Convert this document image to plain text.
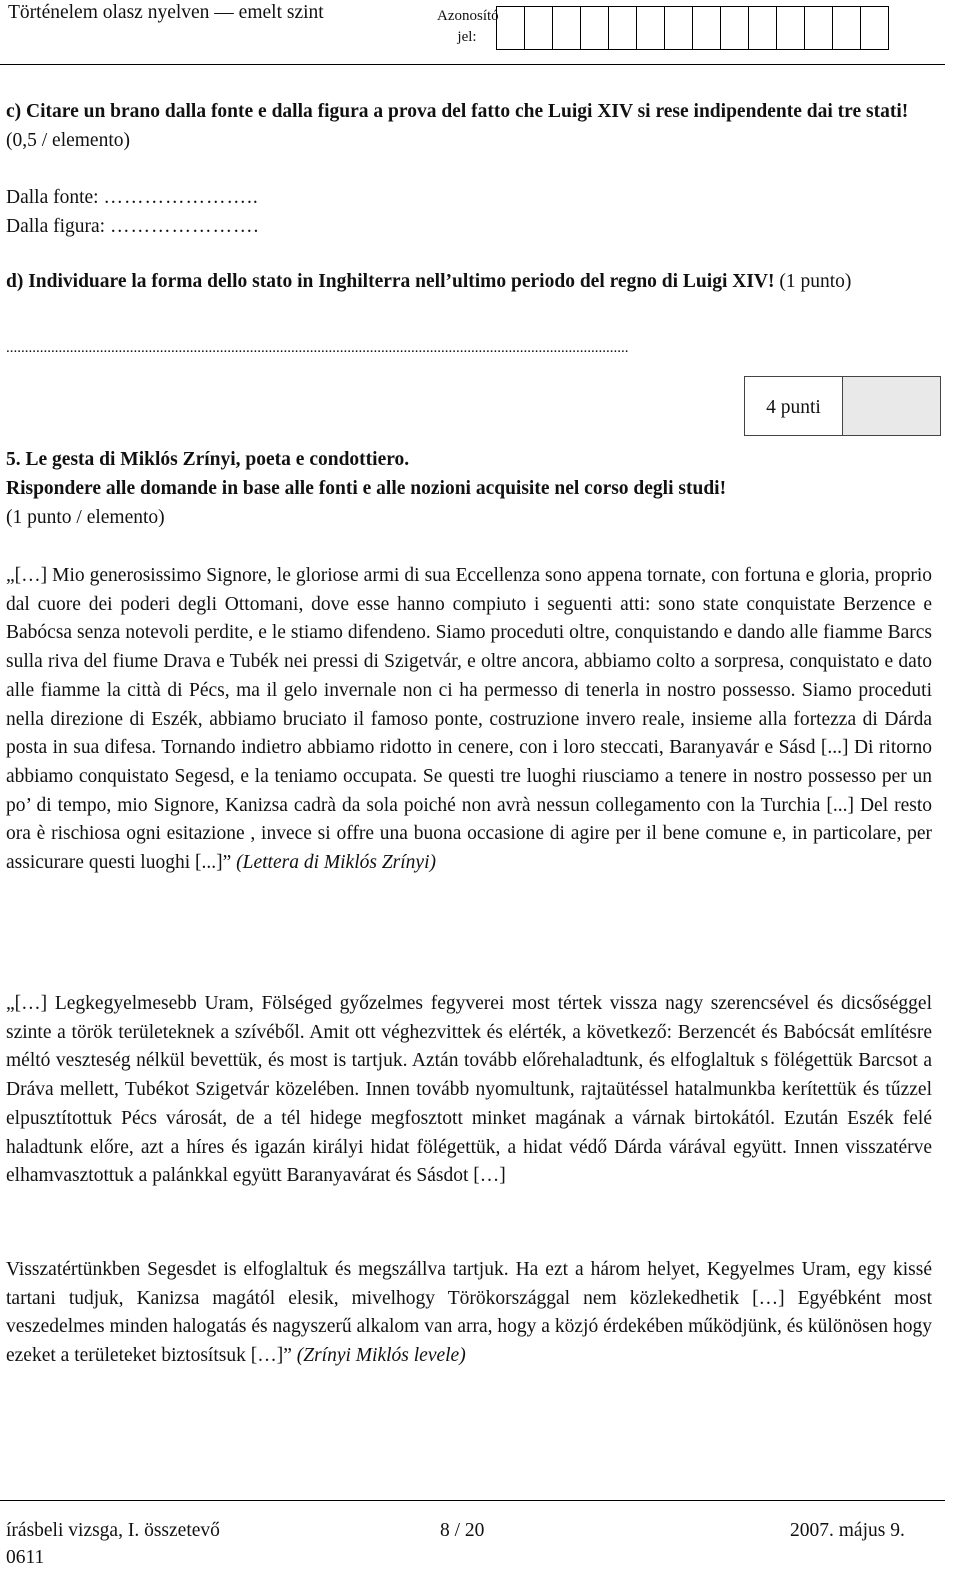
Történelem olasz nyelven — emelt szint	Azonosító jel:

c) Citare un brano dalla fonte e dalla figura a prova del fatto che Luigi XIV si rese indipendente dai tre stati! (0,5 / elemento)

Dalla fonte: …………………..

Dalla figura: ………………….

d) Individuare la forma dello stato in Inghilterra nell’ultimo periodo del regno di Luigi XIV! (1 punto)

......................................................................................................................................................................

4 punti

5. Le gesta di Miklós Zrínyi, poeta e condottiero.

Rispondere alle domande in base alle fonti e alle nozioni acquisite nel corso degli studi!

(1 punto / elemento)

„[…] Mio generosissimo Signore, le gloriose armi di sua Eccellenza sono appena tornate, con fortuna e gloria, proprio dal cuore dei poderi degli Ottomani, dove esse hanno compiuto i seguenti atti: sono state conquistate Berzence e Babócsa senza notevoli perdite, e le stiamo difendeno. Siamo proceduti oltre, conquistando e dando alle fiamme Barcs sulla riva del fiume Drava e Tubék nei pressi di Szigetvár, e oltre ancora, abbiamo colto a sorpresa, conquistato e dato alle fiamme la città di Pécs, ma il gelo invernale non ci ha permesso di tenerla in nostro possesso. Siamo proceduti nella direzione di Eszék, abbiamo bruciato il famoso ponte, costruzione invero reale, insieme alla fortezza di Dárda posta in sua difesa. Tornando indietro abbiamo ridotto in cenere, con i loro steccati, Baranyavár e Sásd [...] Di ritorno abbiamo conquistato Segesd, e la teniamo occupata. Se questi tre luoghi riusciamo a tenere in nostro possesso per un po’ di tempo, mio Signore, Kanizsa cadrà da sola poiché non avrà nessun collegamento con la Turchia [...] Del resto ora è rischiosa ogni esitazione , invece si offre una buona occasione di agire per il bene comune e, in particolare, per assicurare questi luoghi [...]” (Lettera di Miklós Zrínyi)

„[…] Legkegyelmesebb Uram, Fölséged győzelmes fegyverei most tértek vissza nagy szerencsével és dicsőséggel szinte a török területeknek a szívéből. Amit ott véghezvittek és elérték, a következő: Berzencét és Babócsát említésre méltó veszteség nélkül bevettük, és most is tartjuk. Aztán tovább előrehaladtunk, és elfoglaltuk s fölégettük Barcsot a Dráva mellett, Tubékot Szigetvár közelében. Innen tovább nyomultunk, rajtaütéssel hatalmunkba kerítettük és tűzzel elpusztítottuk Pécs városát, de a tél hidege megfosztott minket magának a várnak birtokától. Ezután Eszék felé haladtunk előre, azt a híres és igazán királyi hidat fölégettük, a hidat védő Dárda várával együtt. Innen visszatérve elhamvasztottuk a palánkkal együtt Baranyavárat és Sásdot […]

Visszatértünkben Segesdet is elfoglaltuk és megszállva tartjuk. Ha ezt a három helyet, Kegyelmes Uram, egy kissé tartani tudjuk, Kanizsa magától elesik, mivelhogy Törökországgal nem közlekedhetik […] Egyébként most veszedelmes minden halogatás és nagyszerű alkalom van arra, hogy a közjó érdekében működjünk, és különösen hogy ezeket a területeket biztosítsuk […]” (Zrínyi Miklós levele)

írásbeli vizsga, I. összetevő	8 / 20	2007. május 9.
0611
